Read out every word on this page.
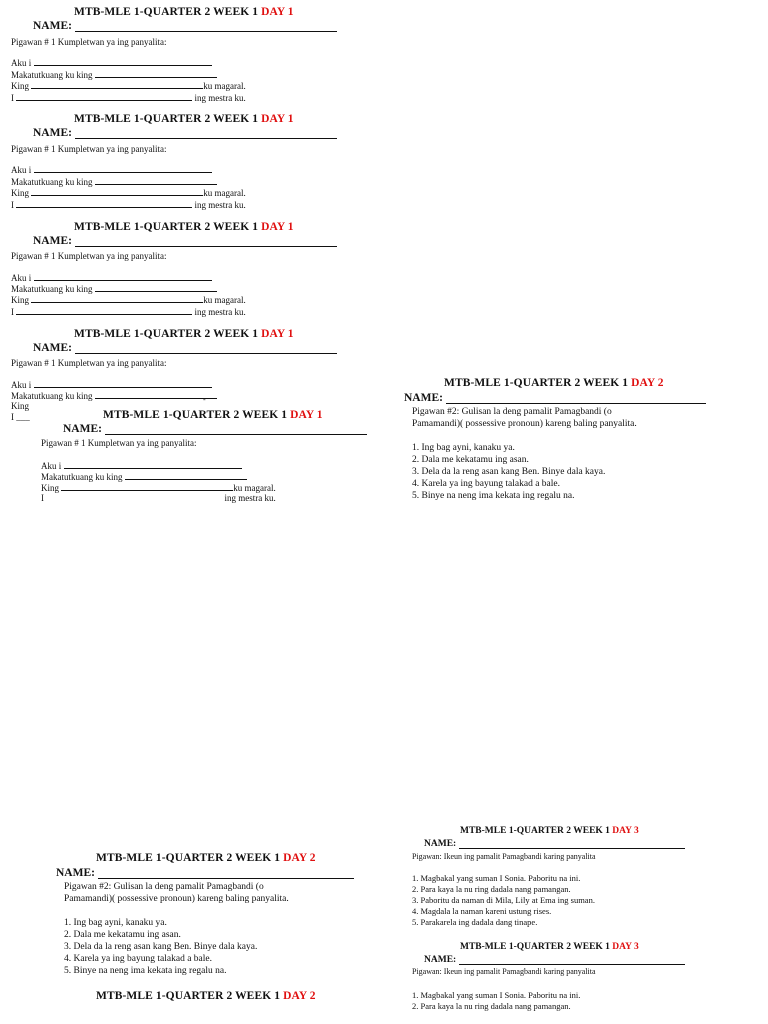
MTB-MLE 1-QUARTER 2 WEEK 1 DAY 1
NAME:
Pigawan # 1 Kumpletwan ya ing panyalita:
Aku i
Makatutkuang ku king
King	ku magaral.
I	ing mestra ku.
MTB-MLE 1-QUARTER 2 WEEK 1 DAY 1
NAME:
Pigawan # 1 Kumpletwan ya ing panyalita:
Aku i
Makatutkuang ku king
King	ku magaral.
I	ing mestra ku.
MTB-MLE 1-QUARTER 2 WEEK 1 DAY 1
NAME:
Pigawan # 1 Kumpletwan ya ing panyalita:
Aku i
Makatutkuang ku king
King	ku magaral.
I	ing mestra ku.
MTB-MLE 1-QUARTER 2 WEEK 1 DAY 1
NAME:
Pigawan # 1 Kumpletwan ya ing panyalita:
Aku i
Makatutkuang ku king
King
I ___	MTB-MLE 1-QUARTER 2 WEEK 1 DAY 1
NAME:
Pigawan # 1 Kumpletwan ya ing panyalita:
Aku i
Makatutkuang ku king
King	ku magaral.
I	ing mestra ku.
-
MTB-MLE 1-QUARTER 2 WEEK 1 DAY 2
NAME:
Pigawan #2: Gulisan la deng pamalit Pamagbandi (o
Pamamandi)( possessive pronoun) kareng baling panyalita.
1. Ing bag ayni, kanaku ya.
2. Dala me kekatamu ing asan.
3. Dela da la reng asan kang Ben. Binye dala kaya.
4. Karela ya ing bayung talakad a bale.
5. Binye na neng ima kekata ing regalu na.
MTB-MLE 1-QUARTER 2 WEEK 1 DAY 2
NAME:
Pigawan #2: Gulisan la deng pamalit Pamagbandi (o
Pamamandi)( possessive pronoun) kareng baling panyalita.
1. Ing bag ayni, kanaku ya.
2. Dala me kekatamu ing asan.
3. Dela da la reng asan kang Ben. Binye dala kaya.
4. Karela ya ing bayung talakad a bale.
5. Binye na neng ima kekata ing regalu na.
MTB-MLE 1-QUARTER 2 WEEK 1 DAY 2
MTB-MLE 1-QUARTER 2 WEEK 1 DAY 3
NAME:
Pigawan: Ikeun ing pamalit Pamagbandi karing panyalita
1. Magbakal yang suman I Sonia. Paboritu na ini.
2. Para kaya la nu ring dadala nang pamangan.
3. Paboritu da naman di Mila, Lily at Ema ing suman.
4. Magdala la naman kareni ustung rises.
5. Parakarela ing dadala dang tinape.
MTB-MLE 1-QUARTER 2 WEEK 1 DAY 3
NAME:
Pigawan: Ikeun ing pamalit Pamagbandi karing panyalita
1. Magbakal yang suman I Sonia. Paboritu na ini.
2. Para kaya la nu ring dadala nang pamangan.
